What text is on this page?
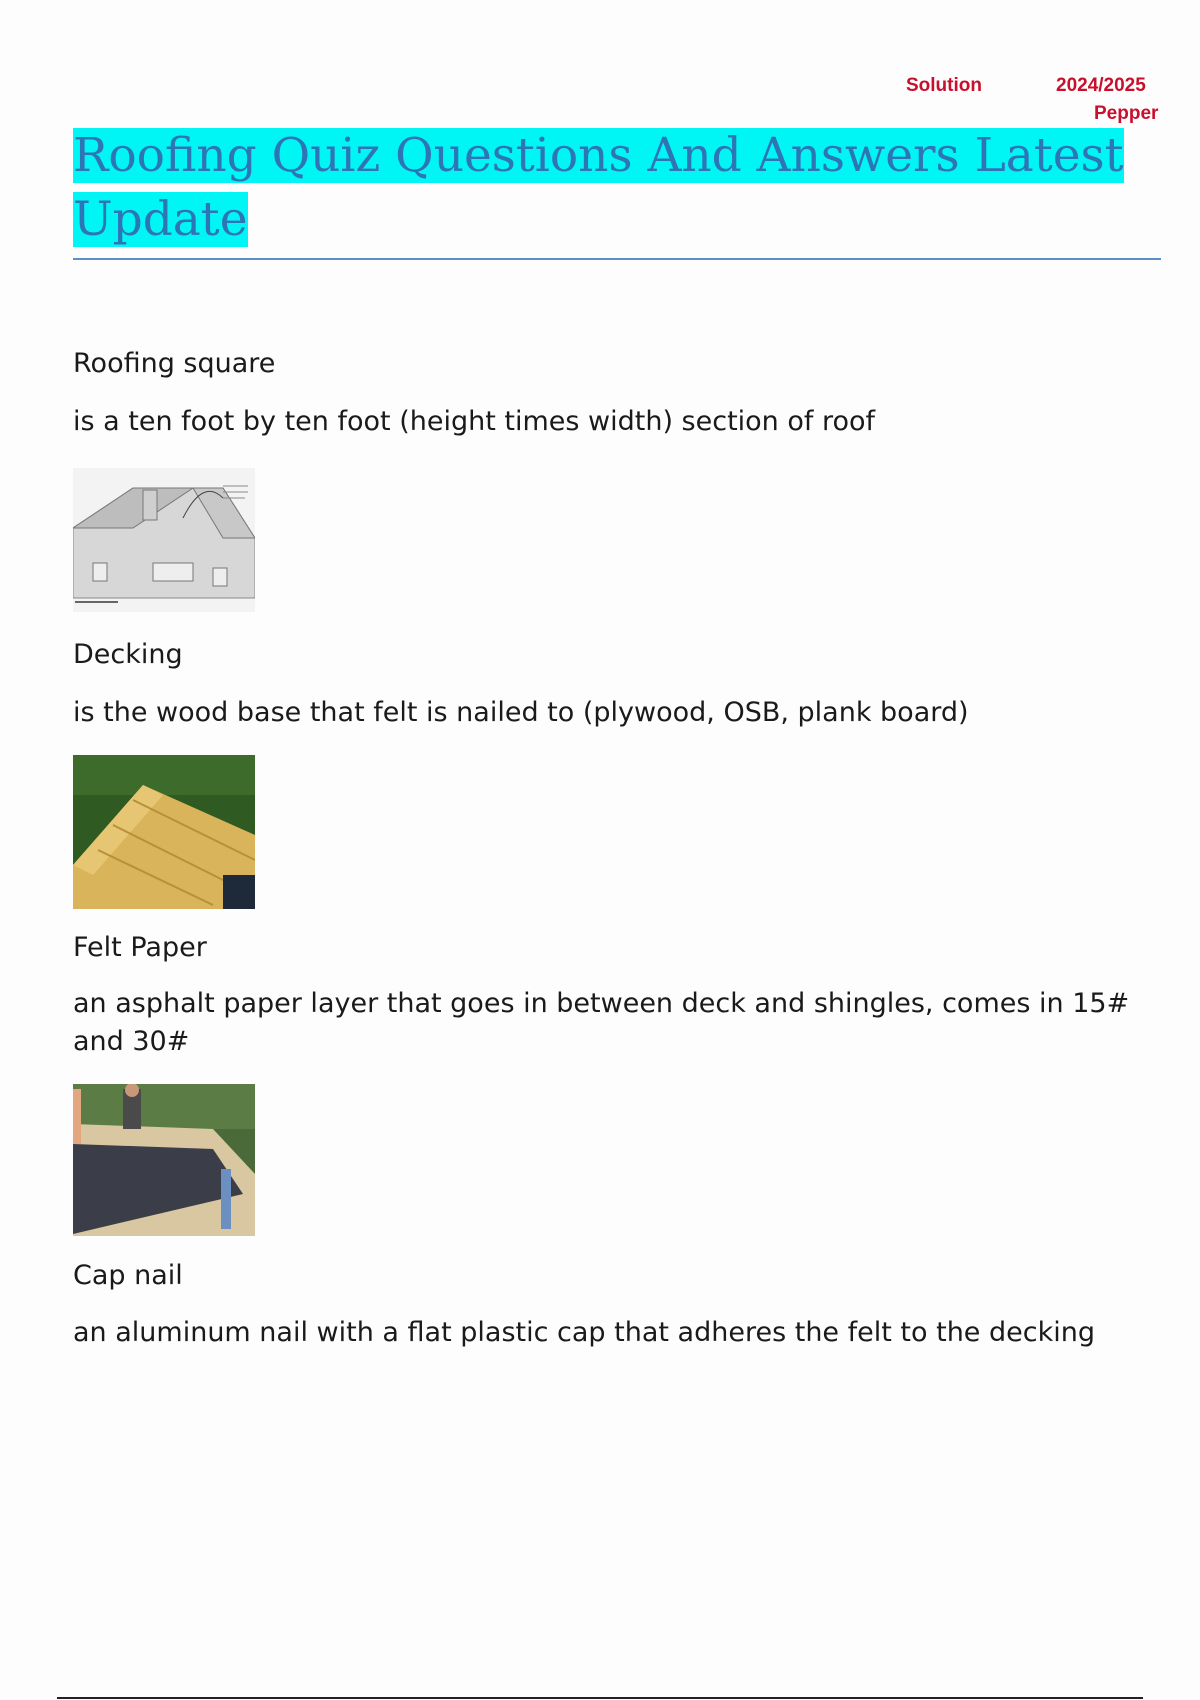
Solution	2024/2025
Pepper
Roofing Quiz Questions And Answers Latest
Update

Roofing square

is a ten foot by ten foot (height times width) section of roof

Decking

is the wood base that felt is nailed to (plywood, OSB, plank board)

Felt Paper

an asphalt paper layer that goes in between deck and shingles, comes in 15# and 30#

Cap nail

an aluminum nail with a flat plastic cap that adheres the felt to the decking
